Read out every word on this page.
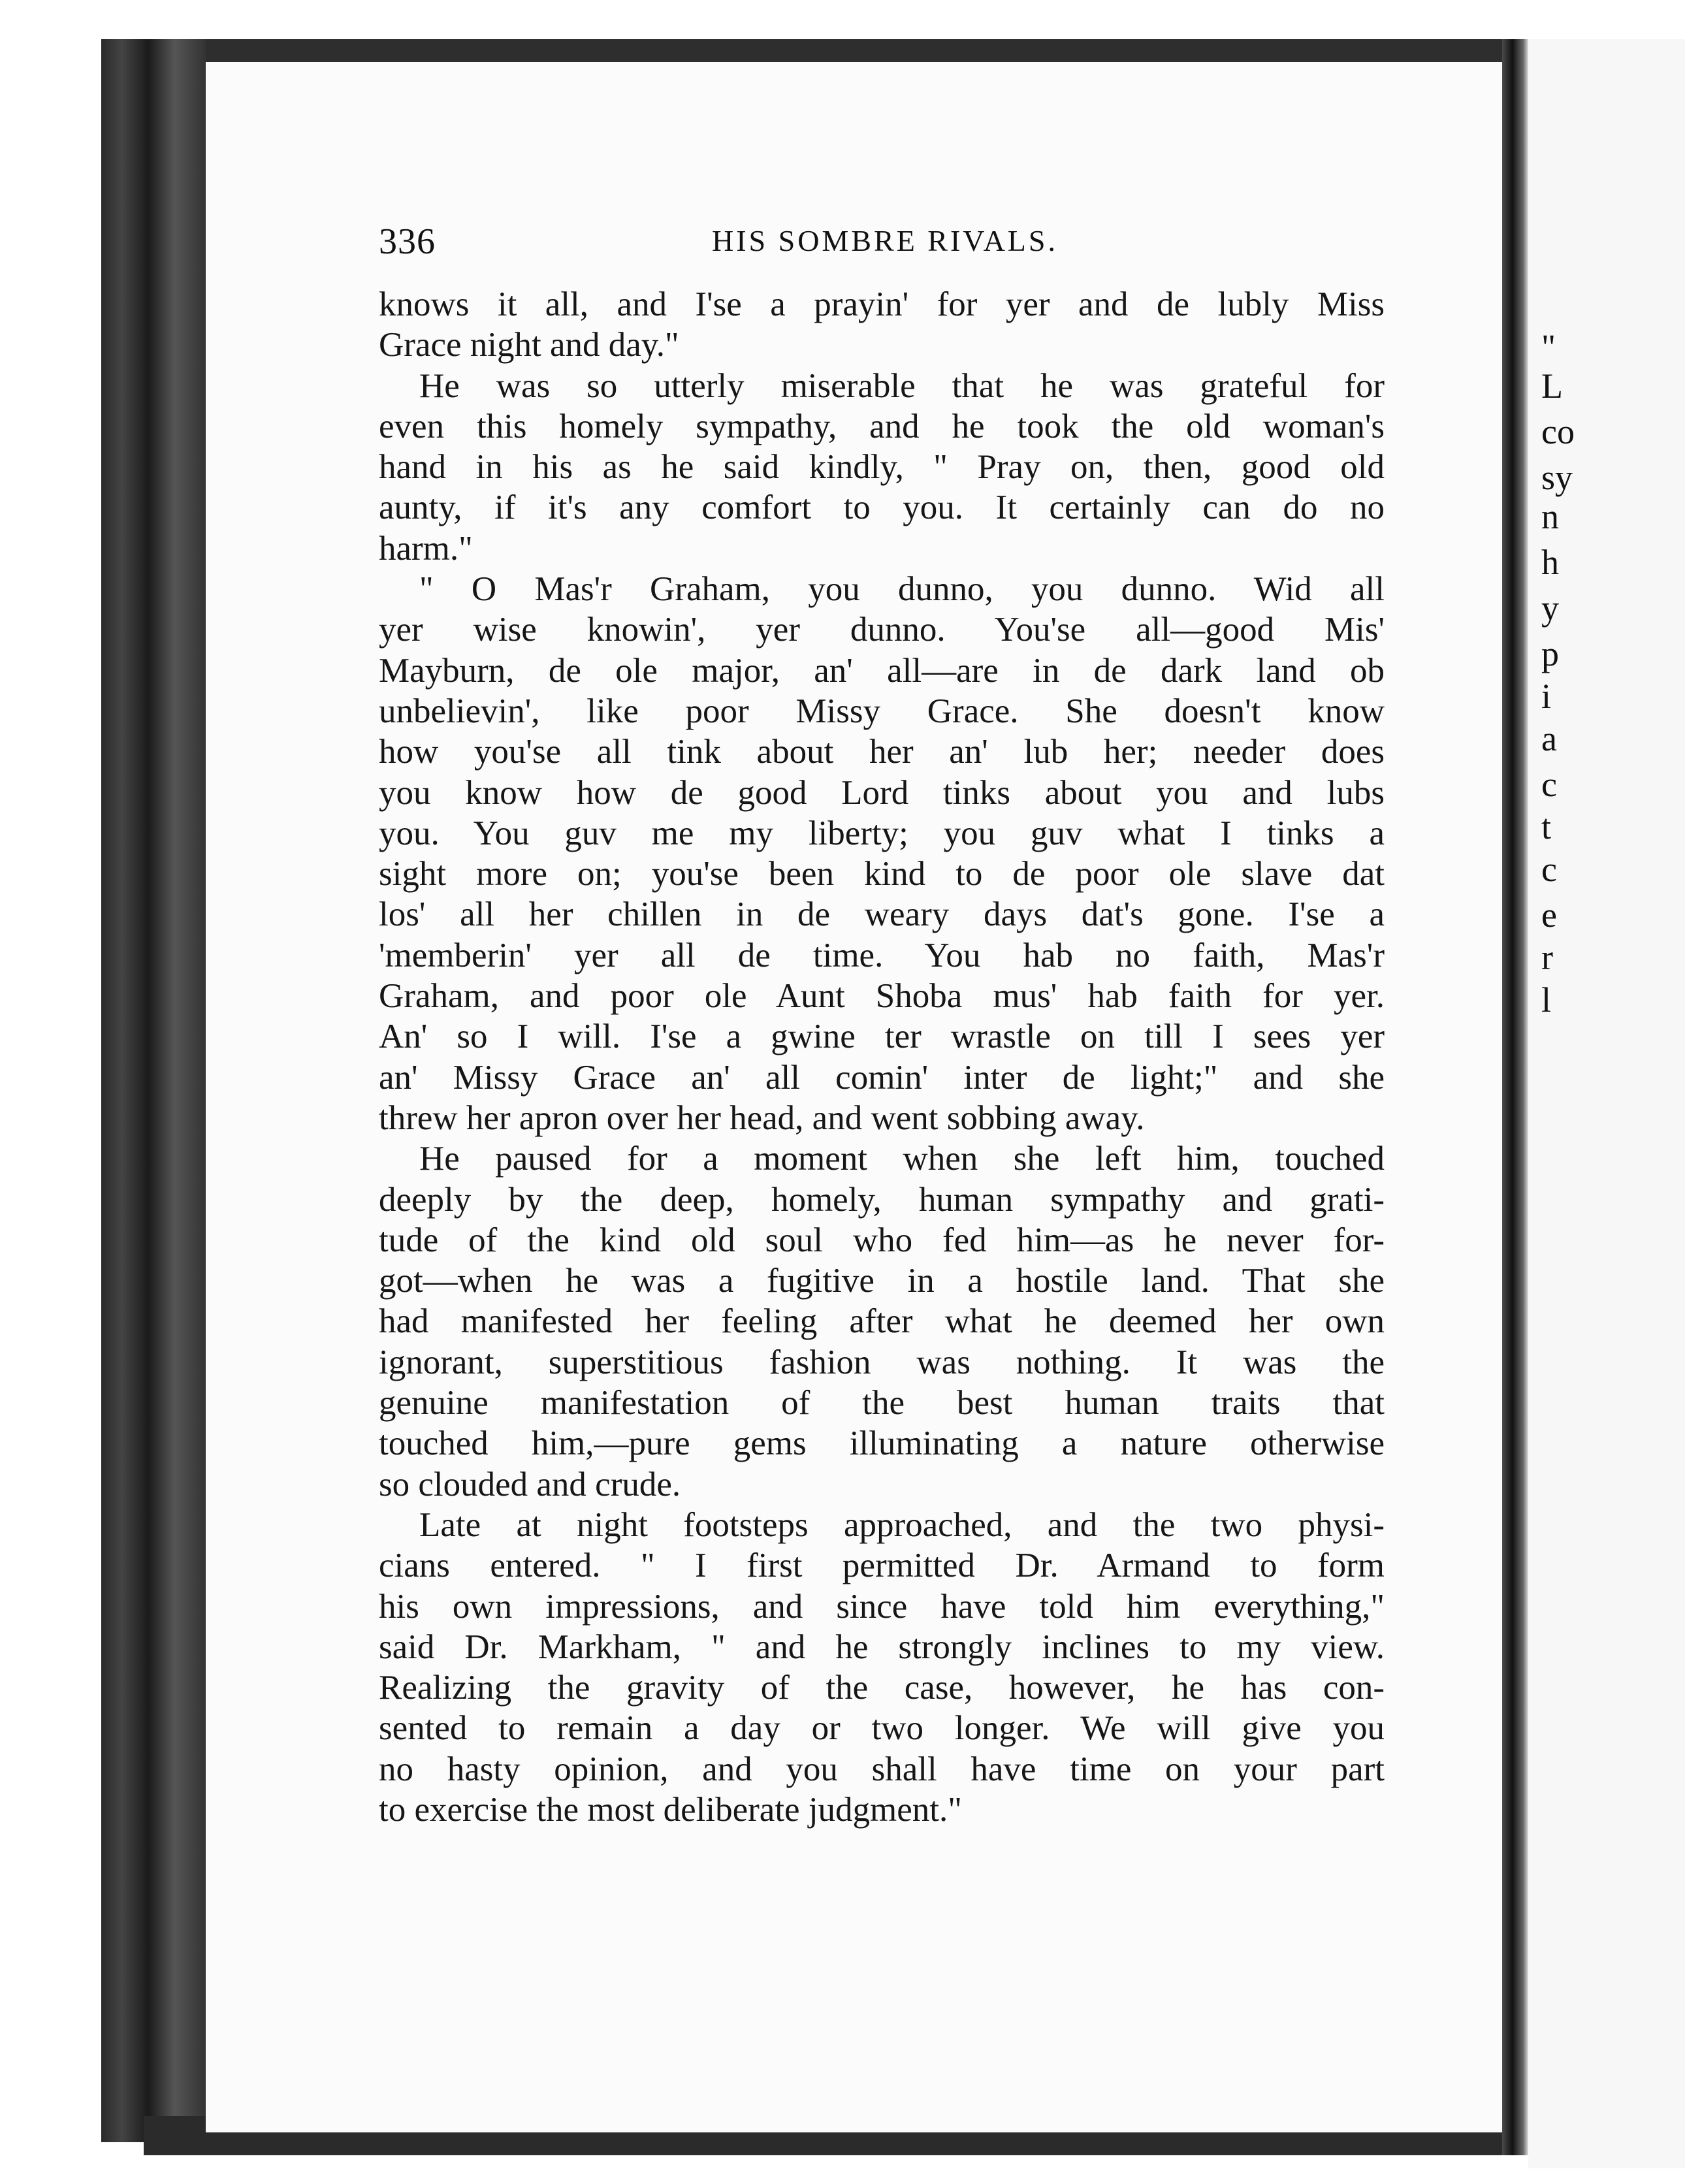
"
L
co
sy
n
h
y
p
i
a
c
t
c
e
r
l
336	HIS SOMBRE RIVALS.
knows it all, and I'se a prayin' for yer and de lubly Miss
Grace night and day."
He was so utterly miserable that he was grateful for
even this homely sympathy, and he took the old woman's
hand in his as he said kindly, " Pray on, then, good old
aunty, if it's any comfort to you. It certainly can do no
harm."
" O Mas'r Graham, you dunno, you dunno. Wid all
yer wise knowin', yer dunno. You'se all—good Mis'
Mayburn, de ole major, an' all—are in de dark land ob
unbelievin', like poor Missy Grace. She doesn't know
how you'se all tink about her an' lub her; needer does
you know how de good Lord tinks about you and lubs
you. You guv me my liberty; you guv what I tinks a
sight more on; you'se been kind to de poor ole slave dat
los' all her chillen in de weary days dat's gone. I'se a
'memberin' yer all de time. You hab no faith, Mas'r
Graham, and poor ole Aunt Shoba mus' hab faith for yer.
An' so I will. I'se a gwine ter wrastle on till I sees yer
an' Missy Grace an' all comin' inter de light;" and she
threw her apron over her head, and went sobbing away.
He paused for a moment when she left him, touched
deeply by the deep, homely, human sympathy and grati-
tude of the kind old soul who fed him—as he never for-
got—when he was a fugitive in a hostile land. That she
had manifested her feeling after what he deemed her own
ignorant, superstitious fashion was nothing. It was the
genuine manifestation of the best human traits that
touched him,—pure gems illuminating a nature otherwise
so clouded and crude.
Late at night footsteps approached, and the two physi-
cians entered. " I first permitted Dr. Armand to form
his own impressions, and since have told him everything,"
said Dr. Markham, " and he strongly inclines to my view.
Realizing the gravity of the case, however, he has con-
sented to remain a day or two longer. We will give you
no hasty opinion, and you shall have time on your part
to exercise the most deliberate judgment."
